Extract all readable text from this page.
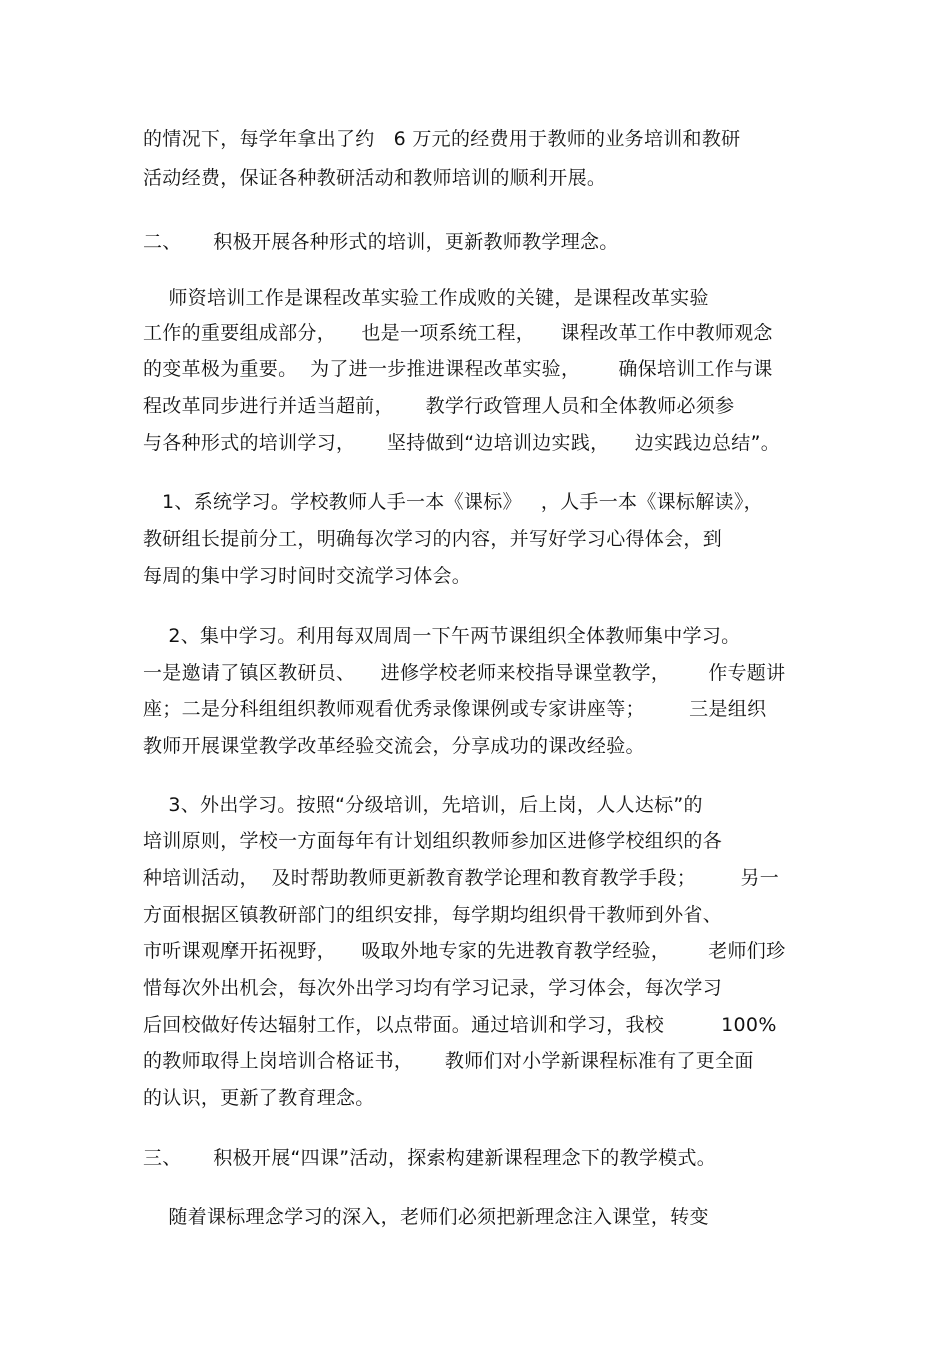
的情况下，每学年拿出了约   6 万元的经费用于教师的业务培训和教研
活动经费，保证各种教研活动和教师培训的顺利开展。
二、     积极开展各种形式的培训，更新教师教学理念。
师资培训工作是课程改革实验工作成败的关键，是课程改革实验
工作的重要组成部分，    也是一项系统工程，    课程改革工作中教师观念
的变革极为重要。  为了进一步推进课程改革实验，      确保培训工作与课
程改革同步进行并适当超前，     教学行政管理人员和全体教师必须参
与各种形式的培训学习，     坚持做到“边培训边实践，    边实践边总结”。
1、系统学习。学校教师人手一本《课标》   ，人手一本《课标解读》，
教研组长提前分工，明确每次学习的内容，并写好学习心得体会，到
每周的集中学习时间时交流学习体会。
2、集中学习。利用每双周周一下午两节课组织全体教师集中学习。
一是邀请了镇区教研员、    进修学校老师来校指导课堂教学，      作专题讲
座；二是分科组组织教师观看优秀录像课例或专家讲座等；       三是组织
教师开展课堂教学改革经验交流会，分享成功的课改经验。
3、外出学习。按照“分级培训，先培训，后上岗，人人达标”的
培训原则，学校一方面每年有计划组织教师参加区进修学校组织的各
种培训活动，  及时帮助教师更新教育教学论理和教育教学手段；       另一
方面根据区镇教研部门的组织安排，每学期均组织骨干教师到外省、
市听课观摩开拓视野，    吸取外地专家的先进教育教学经验，      老师们珍
惜每次外出机会，每次外出学习均有学习记录，学习体会，每次学习
后回校做好传达辐射工作，以点带面。通过培训和学习，我校         100%
的教师取得上岗培训合格证书，     教师们对小学新课程标准有了更全面
的认识，更新了教育理念。
三、     积极开展“四课”活动，探索构建新课程理念下的教学模式。
随着课标理念学习的深入，老师们必须把新理念注入课堂，转变
